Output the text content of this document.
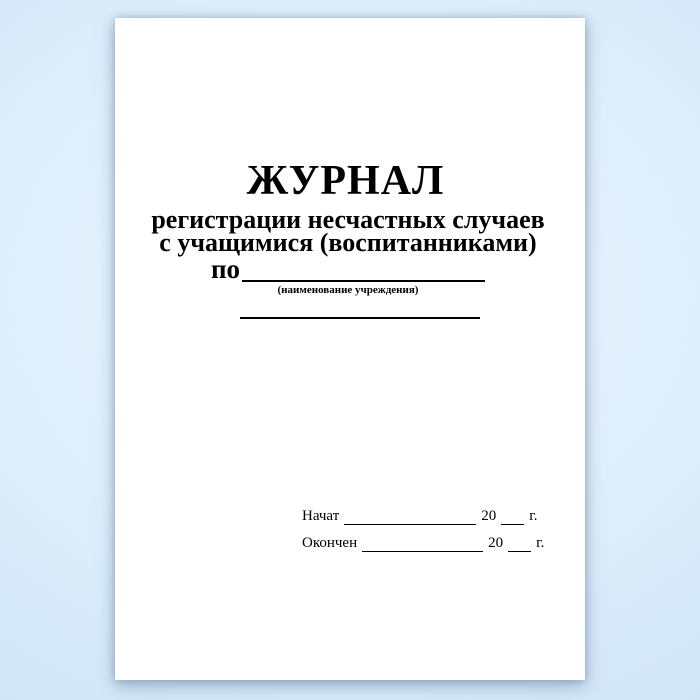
ЖУРНАЛ
регистрации несчастных случаев
с учащимися (воспитанниками)
по
(наименование учреждения)
Начат	20 г.
Окончен	20 г.
